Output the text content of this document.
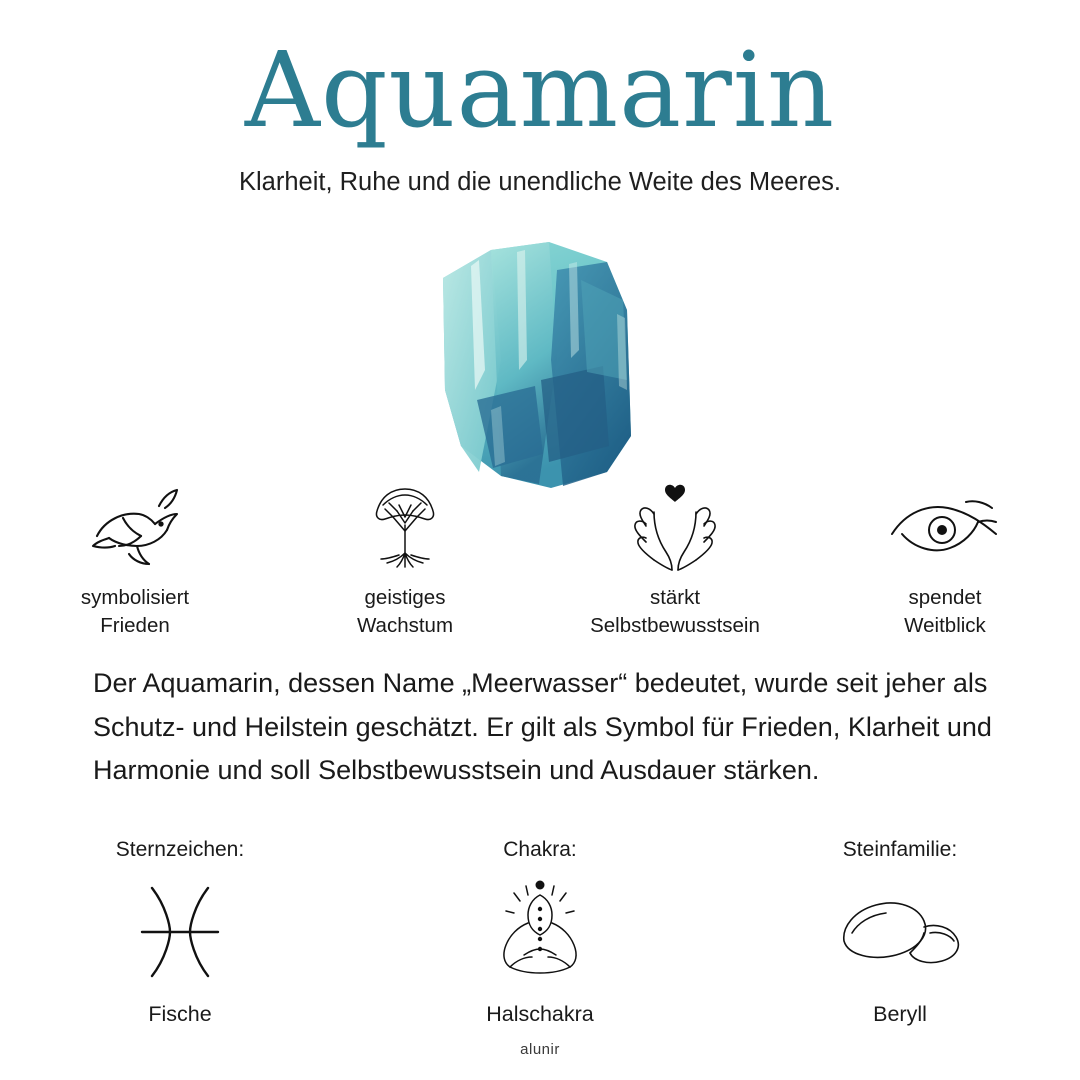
Aquamarin
Klarheit, Ruhe und die unendliche Weite des Meeres.
symbolisiert
Frieden
geistiges
Wachstum
stärkt
Selbstbewusstsein
spendet
Weitblick
Der Aquamarin, dessen Name „Meerwasser“ bedeutet, wurde seit jeher als Schutz- und Heilstein geschätzt. Er gilt als Symbol für Frieden, Klarheit und Harmonie und soll Selbstbewusstsein und Ausdauer stärken.
Sternzeichen:
Fische
Chakra:
Halschakra
Steinfamilie:
Beryll
alunir
